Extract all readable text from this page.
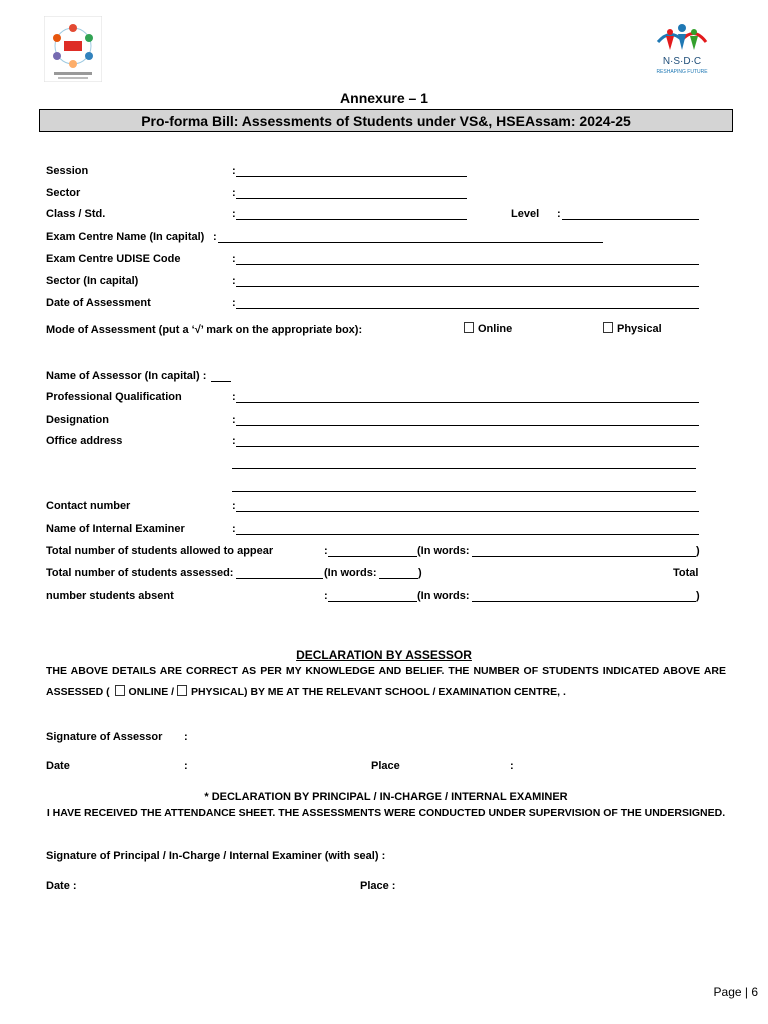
N·S·D·C
RESHAPING FUTURE
Annexure – 1
Pro-forma Bill: Assessments of Students under VS&, HSEAssam: 2024-25
Session	:
Sector	:
Class / Std.	:	Level :
Exam Centre Name (In capital) :
Exam Centre UDISE Code	:
Sector (In capital)	:
Date of Assessment	:
Mode of Assessment (put a ‘√’ mark on the appropriate box):	Online	Physical
Name of Assessor (In capital) :
Professional Qualification	:
Designation	:
Office address	:
Contact number	:
Name of Internal Examiner	:
Total number of students allowed to appear	:	(In words:	)
Total number of students assessed:	(In words:	)	Total
number students absent	:	(In words:	)
DECLARATION BY ASSESSOR
THE ABOVE DETAILS ARE CORRECT AS PER MY KNOWLEDGE AND BELIEF. THE NUMBER OF STUDENTS INDICATED ABOVE ARE
ASSESSED ( ONLINE / PHYSICAL) BY ME AT THE RELEVANT SCHOOL / EXAMINATION CENTRE, .
Signature of Assessor :
Date	:	Place	:
* DECLARATION BY PRINCIPAL / IN-CHARGE / INTERNAL EXAMINER
I HAVE RECEIVED THE ATTENDANCE SHEET. THE ASSESSMENTS WERE CONDUCTED UNDER SUPERVISION OF THE UNDERSIGNED.
Signature of Principal / In-Charge / Internal Examiner (with seal) :
Date :	Place :
Page | 6
